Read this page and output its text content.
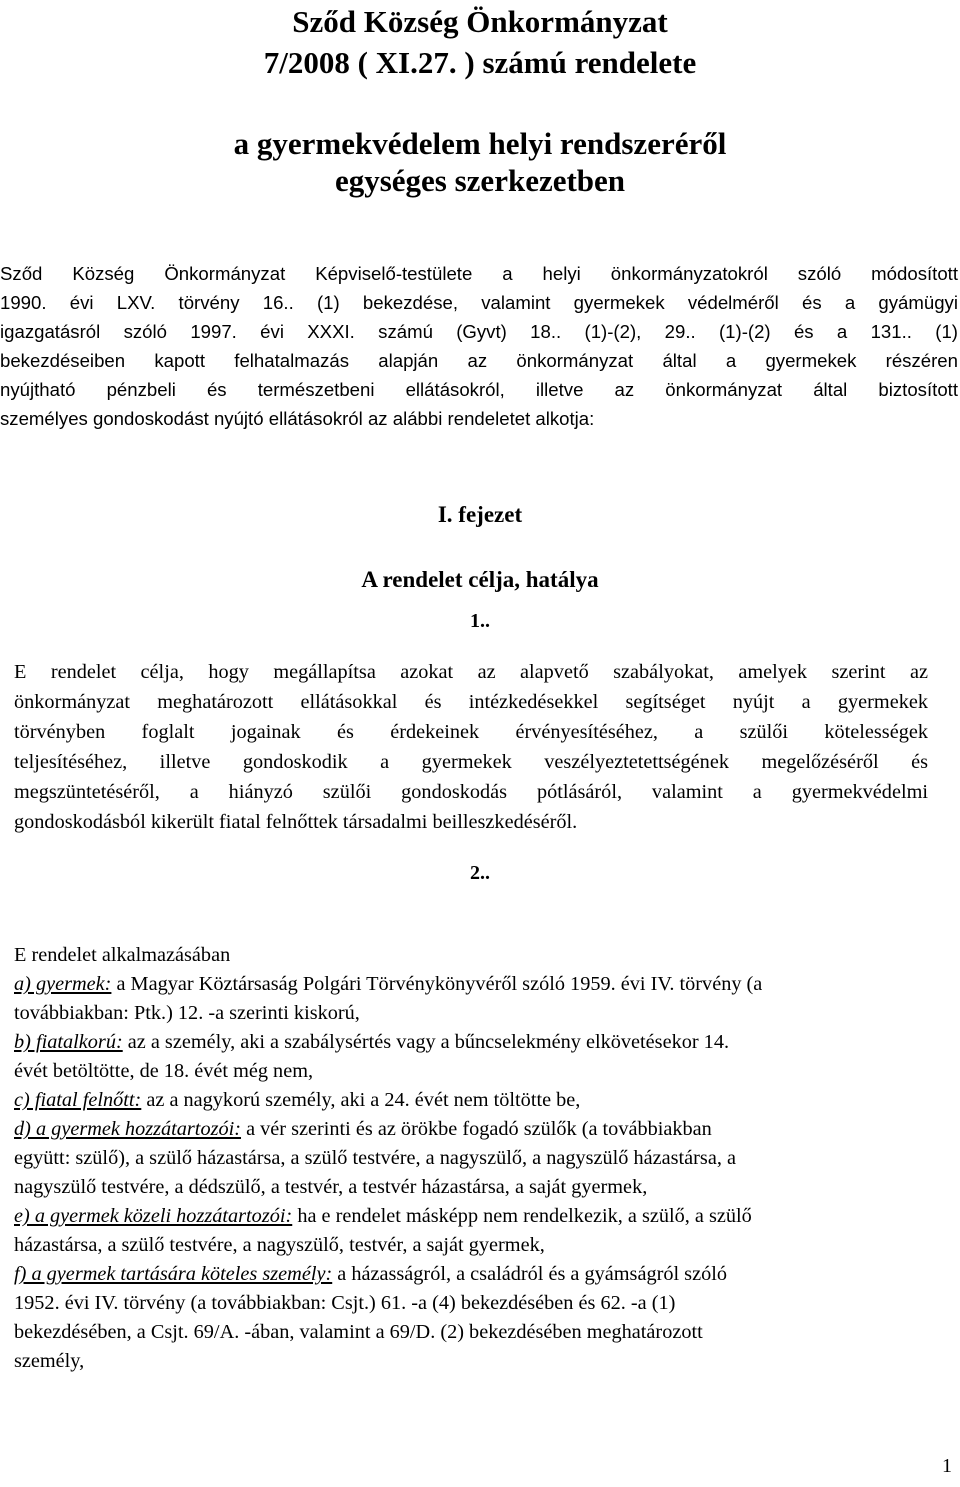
Sződ Község Önkormányzat
7/2008 ( XI.27. ) számú rendelete
a gyermekvédelem helyi rendszeréről
egységes szerkezetben
Sződ Község Önkormányzat Képviselő-testülete a helyi önkormányzatokról szóló módosított
1990. évi LXV. törvény 16.. (1) bekezdése, valamint gyermekek védelméről és a gyámügyi
igazgatásról szóló 1997. évi XXXI. számú (Gyvt) 18.. (1)-(2), 29.. (1)-(2) és a 131.. (1)
bekezdéseiben kapott felhatalmazás alapján az önkormányzat által a gyermekek részéren
nyújtható pénzbeli és természetbeni ellátásokról, illetve az önkormányzat által biztosított
személyes gondoskodást nyújtó ellátásokról az alábbi rendeletet alkotja:
I. fejezet
A rendelet célja, hatálya
1..
E rendelet célja, hogy megállapítsa azokat az alapvető szabályokat, amelyek szerint az
önkormányzat meghatározott ellátásokkal és intézkedésekkel segítséget nyújt a gyermekek
törvényben foglalt jogainak és érdekeinek érvényesítéséhez, a szülői kötelességek
teljesítéséhez, illetve gondoskodik a gyermekek veszélyeztetettségének megelőzéséről és
megszüntetéséről, a hiányzó szülői gondoskodás pótlásáról, valamint a gyermekvédelmi
gondoskodásból kikerült fiatal felnőttek társadalmi beilleszkedéséről.
2..
E rendelet alkalmazásában
a) gyermek: a Magyar Köztársaság Polgári Törvénykönyvéről szóló 1959. évi IV. törvény (a
továbbiakban: Ptk.) 12. -a szerinti kiskorú,
b) fiatalkorú: az a személy, aki a szabálysértés vagy a bűncselekmény elkövetésekor 14.
évét betöltötte, de 18. évét még nem,
c) fiatal felnőtt: az a nagykorú személy, aki a 24. évét nem töltötte be,
d) a gyermek hozzátartozói: a vér szerinti és az örökbe fogadó szülők (a továbbiakban
együtt: szülő), a szülő házastársa, a szülő testvére, a nagyszülő, a nagyszülő házastársa, a
nagyszülő testvére, a dédszülő, a testvér, a testvér házastársa, a saját gyermek,
e) a gyermek közeli hozzátartozói: ha e rendelet másképp nem rendelkezik, a szülő, a szülő
házastársa, a szülő testvére, a nagyszülő, testvér, a saját gyermek,
f) a gyermek tartására köteles személy: a házasságról, a családról és a gyámságról szóló
1952. évi IV. törvény (a továbbiakban: Csjt.) 61. -a (4) bekezdésében és 62. -a (1)
bekezdésében, a Csjt. 69/A. -ában, valamint a 69/D. (2) bekezdésében meghatározott
személy,
1
